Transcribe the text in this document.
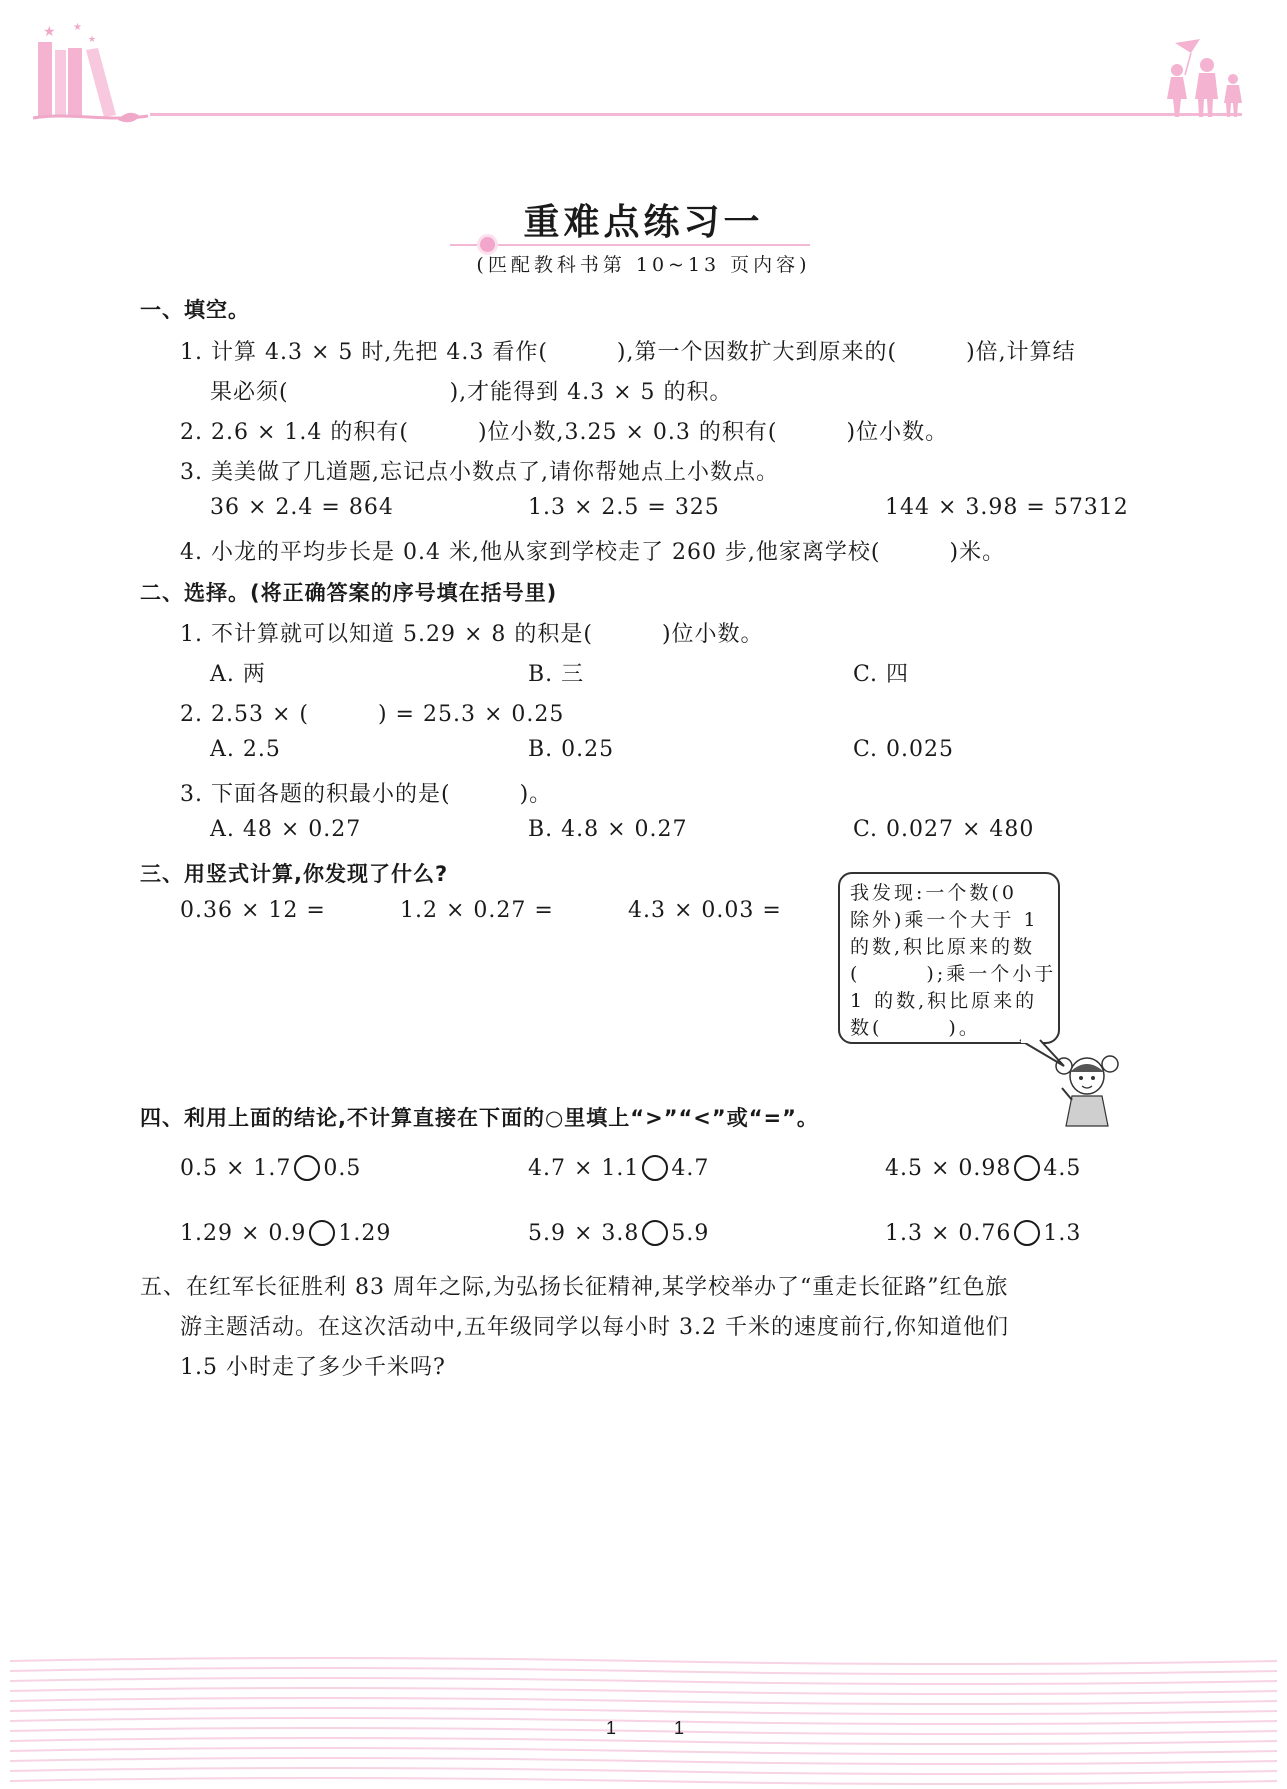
★ ★
★
重难点练习一
(匹配教科书第 10~13 页内容)
一、填空。
1. 计算 4.3 × 5 时,先把 4.3 看作(　　　),第一个因数扩大到原来的(　　　)倍,计算结
果必须(　　　　　　　),才能得到 4.3 × 5 的积。
2. 2.6 × 1.4 的积有(　　　)位小数,3.25 × 0.3 的积有(　　　)位小数。
3. 美美做了几道题,忘记点小数点了,请你帮她点上小数点。
36 × 2.4 = 864	1.3 × 2.5 = 325	144 × 3.98 = 57312
4. 小龙的平均步长是 0.4 米,他从家到学校走了 260 步,他家离学校(　　　)米。
二、选择。(将正确答案的序号填在括号里)
1. 不计算就可以知道 5.29 × 8 的积是(　　　)位小数。
A. 两	B. 三	C. 四
2. 2.53 × (　　　) = 25.3 × 0.25
A. 2.5	B. 0.25	C. 0.025
3. 下面各题的积最小的是(　　　)。
A. 48 × 0.27	B. 4.8 × 0.27	C. 0.027 × 480
三、用竖式计算,你发现了什么?
0.36 × 12 =	1.2 × 0.27 =	4.3 × 0.03 =
我发现:一个数(0
除外)乘一个大于 1
的数,积比原来的数
(　　　);乘一个小于
1 的数,积比原来的
数(　　　)。
四、利用上面的结论,不计算直接在下面的○里填上“>”“<”或“=”。
0.5 × 1.7 0.5	4.7 × 1.1 4.7	4.5 × 0.98 4.5
1.29 × 0.9 1.29	5.9 × 3.8 5.9	1.3 × 0.76 1.3
五、在红军长征胜利 83 周年之际,为弘扬长征精神,某学校举办了“重走长征路”红色旅
游主题活动。在这次活动中,五年级同学以每小时 3.2 千米的速度前行,你知道他们
1.5 小时走了多少千米吗?
1	1
